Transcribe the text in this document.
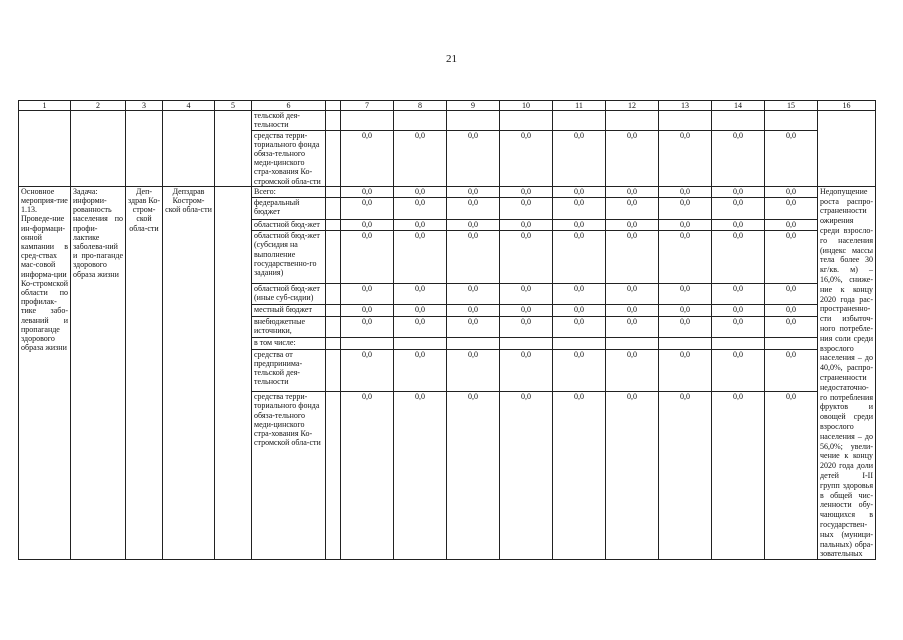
21
1	2	3	4	5	6		7	8	9	10	11	12	13	14	15	16
					тельской дея-тельности											
					средства терри-ториального фонда обяза-тельного меди-цинского стра-хования Ко-стромской обла-сти		0,0	0,0	0,0	0,0	0,0	0,0	0,0	0,0	0,0	
Основное мероприя-тие 1.13. Проведе-ние ин-формаци-онной кампании в сред-ствах мас-совой информа-ции Ко-стромской области по профилак-тике забо-леваний и пропаганде здорового образа жизни	Задача: информи-рованность населения по профи-лактике заболева-ний и про-паганде здорового образа жизни	Деп-здрав Ко-стром-ской обла-сти	Депздрав Костром-ской обла-сти		Всего:		0,0	0,0	0,0	0,0	0,0	0,0	0,0	0,0	0,0	Недопущение роста распро-страненности ожирения среди взросло-го населения (индекс массы тела более 30 кг/кв. м) – 16,0%, сниже-ние к концу 2020 года рас-пространенно-сти избыточ-ного потребле-ния соли среди взрослого населения – до 40,0%, распро-страненности недостаточно-го потребления фруктов и овощей среди взрослого населения – до 56,0%; увели-чение к концу 2020 года доли детей I-II групп здоровья в общей чис-ленности обу-чающихся в государствен-ных (муници-пальных) обра-зовательных
					федеральный бюджет		0,0	0,0	0,0	0,0	0,0	0,0	0,0	0,0	0,0	
					областной бюд-жет		0,0	0,0	0,0	0,0	0,0	0,0	0,0	0,0	0,0	
					областной бюд-жет (субсидия на выполнение государственно-го задания)		0,0	0,0	0,0	0,0	0,0	0,0	0,0	0,0	0,0	
					областной бюд-жет (иные суб-сидии)		0,0	0,0	0,0	0,0	0,0	0,0	0,0	0,0	0,0	
					местный бюджет		0,0	0,0	0,0	0,0	0,0	0,0	0,0	0,0	0,0	
					внебюджетные источники,		0,0	0,0	0,0	0,0	0,0	0,0	0,0	0,0	0,0	
					в том числе:											
					средства от предпринима-тельской дея-тельности		0,0	0,0	0,0	0,0	0,0	0,0	0,0	0,0	0,0	
					средства терри-ториального фонда обяза-тельного меди-цинского стра-хования Ко-стромской обла-сти		0,0	0,0	0,0	0,0	0,0	0,0	0,0	0,0	0,0	
